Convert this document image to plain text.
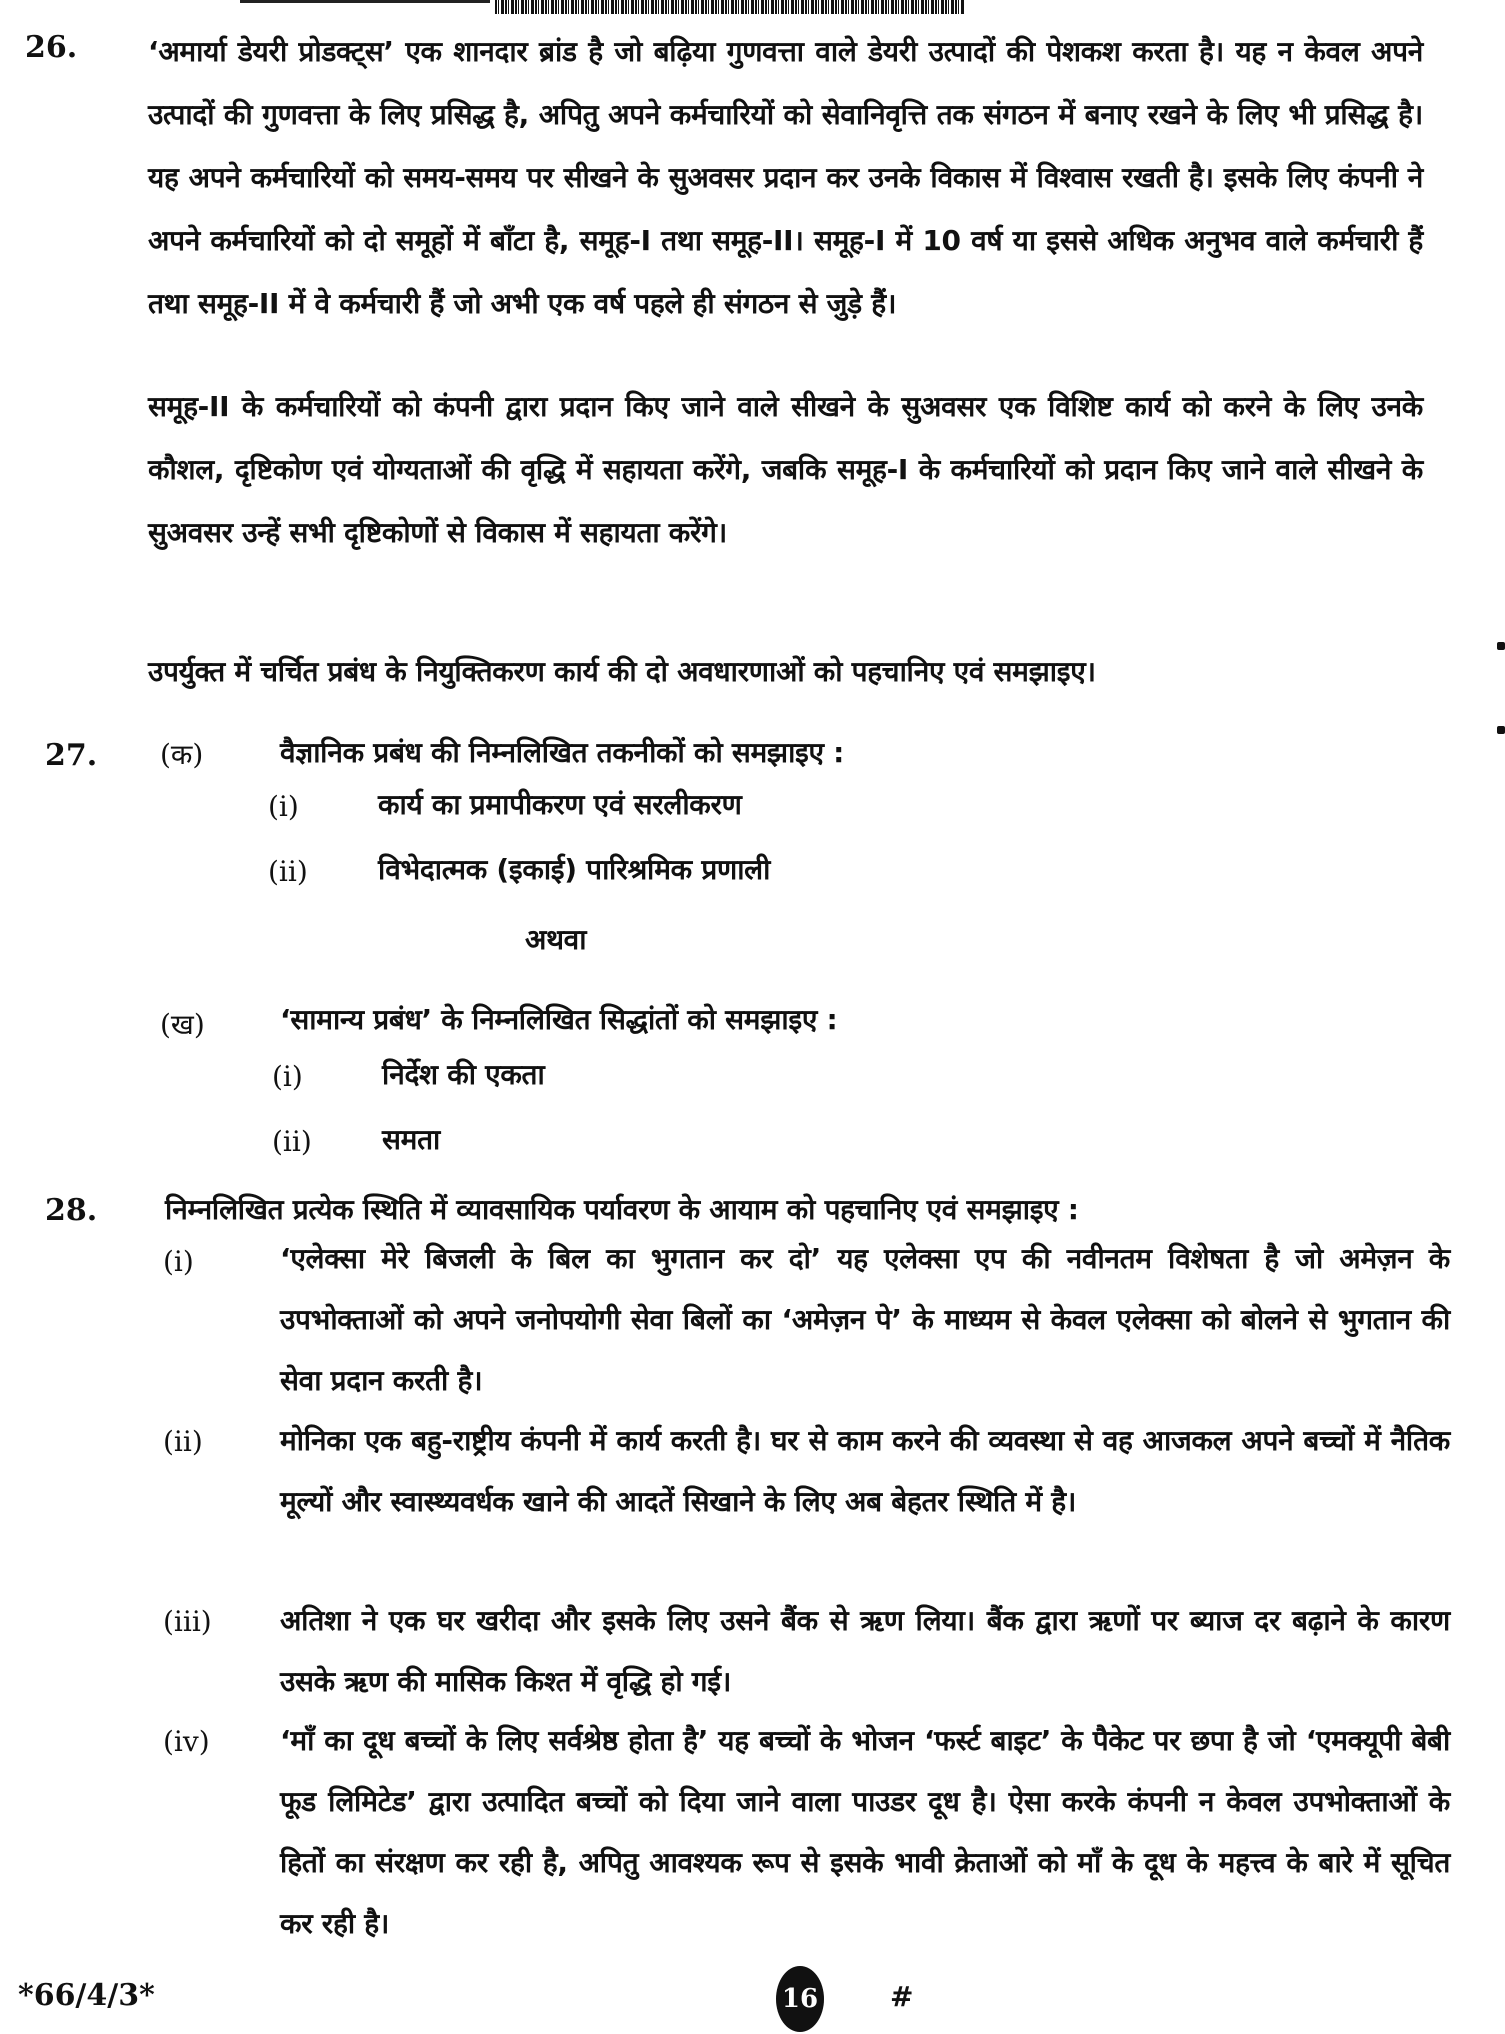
26.	‘अमार्या डेयरी प्रोडक्ट्स’ एक शानदार ब्रांड है जो बढ़िया गुणवत्ता वाले डेयरी उत्पादों की पेशकश करता है। यह न केवल अपने उत्पादों की गुणवत्ता के लिए प्रसिद्ध है, अपितु अपने कर्मचारियों को सेवानिवृत्ति तक संगठन में बनाए रखने के लिए भी प्रसिद्ध है। यह अपने कर्मचारियों को समय-समय पर सीखने के सुअवसर प्रदान कर उनके विकास में विश्वास रखती है। इसके लिए कंपनी ने अपने कर्मचारियों को दो समूहों में बाँटा है, समूह-I तथा समूह-II। समूह-I में 10 वर्ष या इससे अधिक अनुभव वाले कर्मचारी हैं तथा समूह-II में वे कर्मचारी हैं जो अभी एक वर्ष पहले ही संगठन से जुड़े हैं।

समूह-II के कर्मचारियों को कंपनी द्वारा प्रदान किए जाने वाले सीखने के सुअवसर एक विशिष्ट कार्य को करने के लिए उनके कौशल, दृष्टिकोण एवं योग्यताओं की वृद्धि में सहायता करेंगे, जबकि समूह-I के कर्मचारियों को प्रदान किए जाने वाले सीखने के सुअवसर उन्हें सभी दृष्टिकोणों से विकास में सहायता करेंगे।

उपर्युक्त में चर्चित प्रबंध के नियुक्तिकरण कार्य की दो अवधारणाओं को पहचानिए एवं समझाइए।

27. (क)	वैज्ञानिक प्रबंध की निम्नलिखित तकनीकों को समझाइए :
(i)	कार्य का प्रमापीकरण एवं सरलीकरण
(ii)	विभेदात्मक (इकाई) पारिश्रमिक प्रणाली
अथवा
(ख)	‘सामान्य प्रबंध’ के निम्नलिखित सिद्धांतों को समझाइए :
(i)	निर्देश की एकता
(ii)	समता
28. निम्नलिखित प्रत्येक स्थिति में व्यावसायिक पर्यावरण के आयाम को पहचानिए एवं समझाइए :
(i)	‘एलेक्सा मेरे बिजली के बिल का भुगतान कर दो’ यह एलेक्सा एप की नवीनतम विशेषता है जो अमेज़न के उपभोक्ताओं को अपने जनोपयोगी सेवा बिलों का ‘अमेज़न पे’ के माध्यम से केवल एलेक्सा को बोलने से भुगतान की सेवा प्रदान करती है।
(ii)	मोनिका एक बहु-राष्ट्रीय कंपनी में कार्य करती है। घर से काम करने की व्यवस्था से वह आजकल अपने बच्चों में नैतिक मूल्यों और स्वास्थ्यवर्धक खाने की आदतें सिखाने के लिए अब बेहतर स्थिति में है।
(iii) अतिशा ने एक घर खरीदा और इसके लिए उसने बैंक से ऋण लिया। बैंक द्वारा ऋणों पर ब्याज दर बढ़ाने के कारण उसके ऋण की मासिक किश्त में वृद्धि हो गई।
(iv)	‘माँ का दूध बच्चों के लिए सर्वश्रेष्ठ होता है’ यह बच्चों के भोजन ‘फर्स्ट बाइट’ के पैकेट पर छपा है जो ‘एमक्यूपी बेबी फूड लिमिटेड’ द्वारा उत्पादित बच्चों को दिया जाने वाला पाउडर दूध है। ऐसा करके कंपनी न केवल उपभोक्ताओं के हितों का संरक्षण कर रही है, अपितु आवश्यक रूप से इसके भावी क्रेताओं को माँ के दूध के महत्त्व के बारे में सूचित कर रही है।
*66/4/3*	16	#
